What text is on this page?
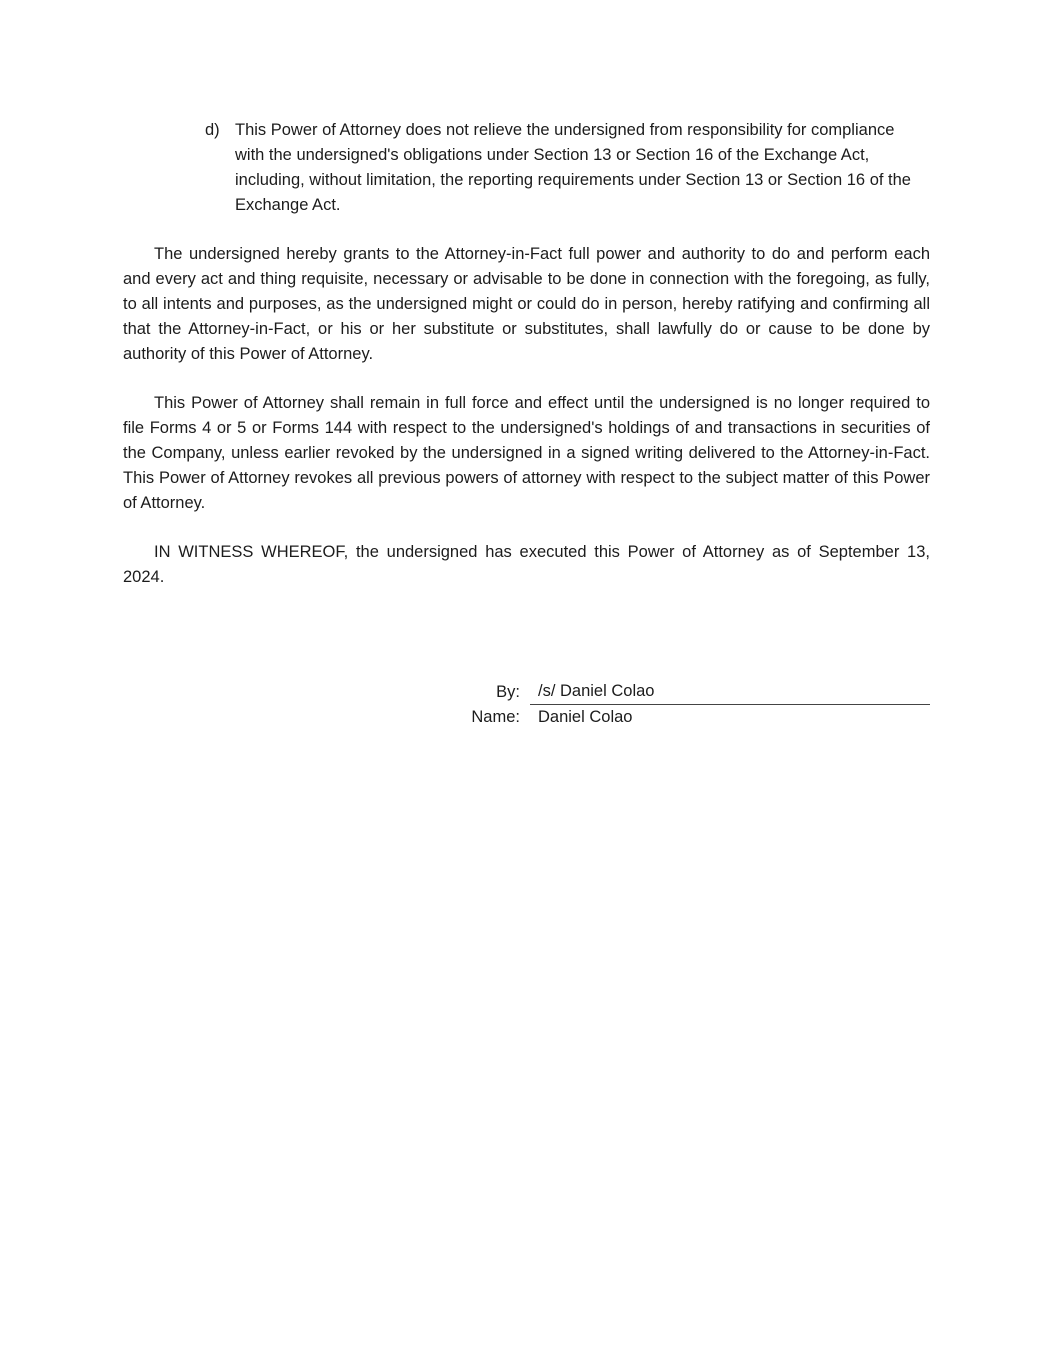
d) This Power of Attorney does not relieve the undersigned from responsibility for compliance with the undersigned's obligations under Section 13 or Section 16 of the Exchange Act, including, without limitation, the reporting requirements under Section 13 or Section 16 of the Exchange Act.

The undersigned hereby grants to the Attorney-in-Fact full power and authority to do and perform each and every act and thing requisite, necessary or advisable to be done in connection with the foregoing, as fully, to all intents and purposes, as the undersigned might or could do in person, hereby ratifying and confirming all that the Attorney-in-Fact, or his or her substitute or substitutes, shall lawfully do or cause to be done by authority of this Power of Attorney.

This Power of Attorney shall remain in full force and effect until the undersigned is no longer required to file Forms 4 or 5 or Forms 144 with respect to the undersigned's holdings of and transactions in securities of the Company, unless earlier revoked by the undersigned in a signed writing delivered to the Attorney-in-Fact. This Power of Attorney revokes all previous powers of attorney with respect to the subject matter of this Power of Attorney.

IN WITNESS WHEREOF, the undersigned has executed this Power of Attorney as of September 13, 2024.

By:	/s/ Daniel Colao
Name:	Daniel Colao
